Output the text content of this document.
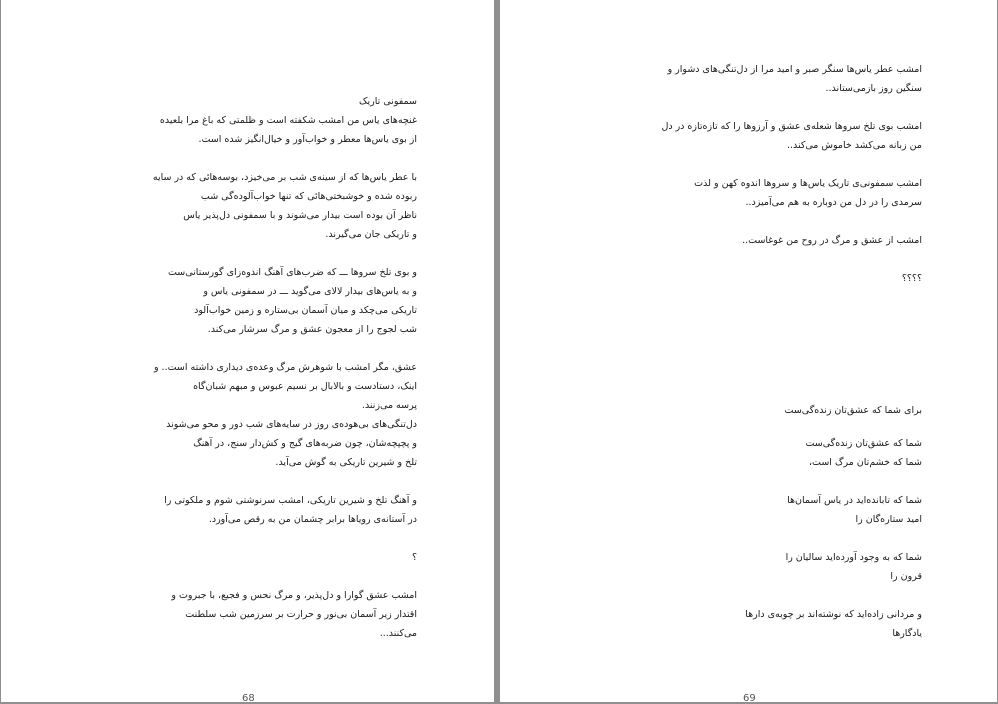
سمفونی تاریک

غنچه‌های یاس من امشب شکفته است و ظلمتی که باغ مرا بلعیده

از بوی یاس‌ها معطر و خواب‌آور و خیال‌انگیز شده است.

با عطر یاس‌ها که از سینه‌ی شب بر می‌خیزد، بوسه‌هائی که در سایه

ربوده شده و خوشبختی‌هائی که تنها خواب‌آلوده‌گی شب

ناظر آن بوده است بیدار می‌شوند و با سمفونی دل‌پذیر یاس

و تاریکی جان می‌گیرند.

و بوی تلخ سروها ـــ که ضرب‌های آهنگ اندوه‌زای گورستانی‌ست

و به یاس‌های بیدار لالای می‌گوید ـــ در سمفونی یاس و

تاریکی می‌چکد و میان آسمان بی‌ستاره و زمین خواب‌آلود

شب لجوج را از معجون عشق و مرگ سرشار می‌کند.

عشق، مگر امشب با شوهرش مرگ وعده‌ی دیداری داشته است.. و

اینک، دستادست و بالابال بر نسیم عبوس و مبهم شبان‌گاه

پرسه می‌زنند.

دل‌تنگی‌های بی‌هوده‌ی روز در سایه‌های شب دور و محو می‌شوند

و پچپچه‌شان، چون ضربه‌های گیج و کش‌دار سنج، در آهنگ

تلخ و شیرین تاریکی به گوش می‌آید.

و آهنگ تلخ و شیرین تاریکی، امشب سرنوشتی شوم و ملکوتی را

در آستانه‌ی رویاها برابر چشمان من به رقص می‌آورد.

؟

امشب عشق گوارا و دل‌پذیر، و مرگ نحس و فجیع، با جبروت و

اقتدار زیر آسمان بی‌نور و حرارت بر سرزمین شب سلطنت

می‌کنند...

68

امشب عطر یاس‌ها سنگر صبر و امید مرا از دل‌تنگی‌های دشوار و

سنگین روز بازمی‌ستاند..

امشب بوی تلخ سروها شعله‌ی عشق و آرزوها را که تازه‌تازه در دل

من زبانه می‌کشد خاموش می‌کند..

امشب سمفونی‌ی تاریک یاس‌ها و سروها اندوه کهن و لذت

سرمدی را در دل من دوباره به هم می‌آمیزد..

امشب از عشق و مرگ در روح من غوغاست..

؟؟؟؟

برای شما که عشق‌تان زنده‌گی‌ست

شما که عشق‌تان زنده‌گی‌ست

شما که خشم‌تان مرگ است،

شما که تابانده‌اید در یاس آسمان‌ها

امید ستاره‌گان را

شما که به وجود آورده‌اید سالیان را

قرون را

و مردانی زاده‌اید که نوشته‌اند بر چوبه‌ی دارها

یادگارها

69
